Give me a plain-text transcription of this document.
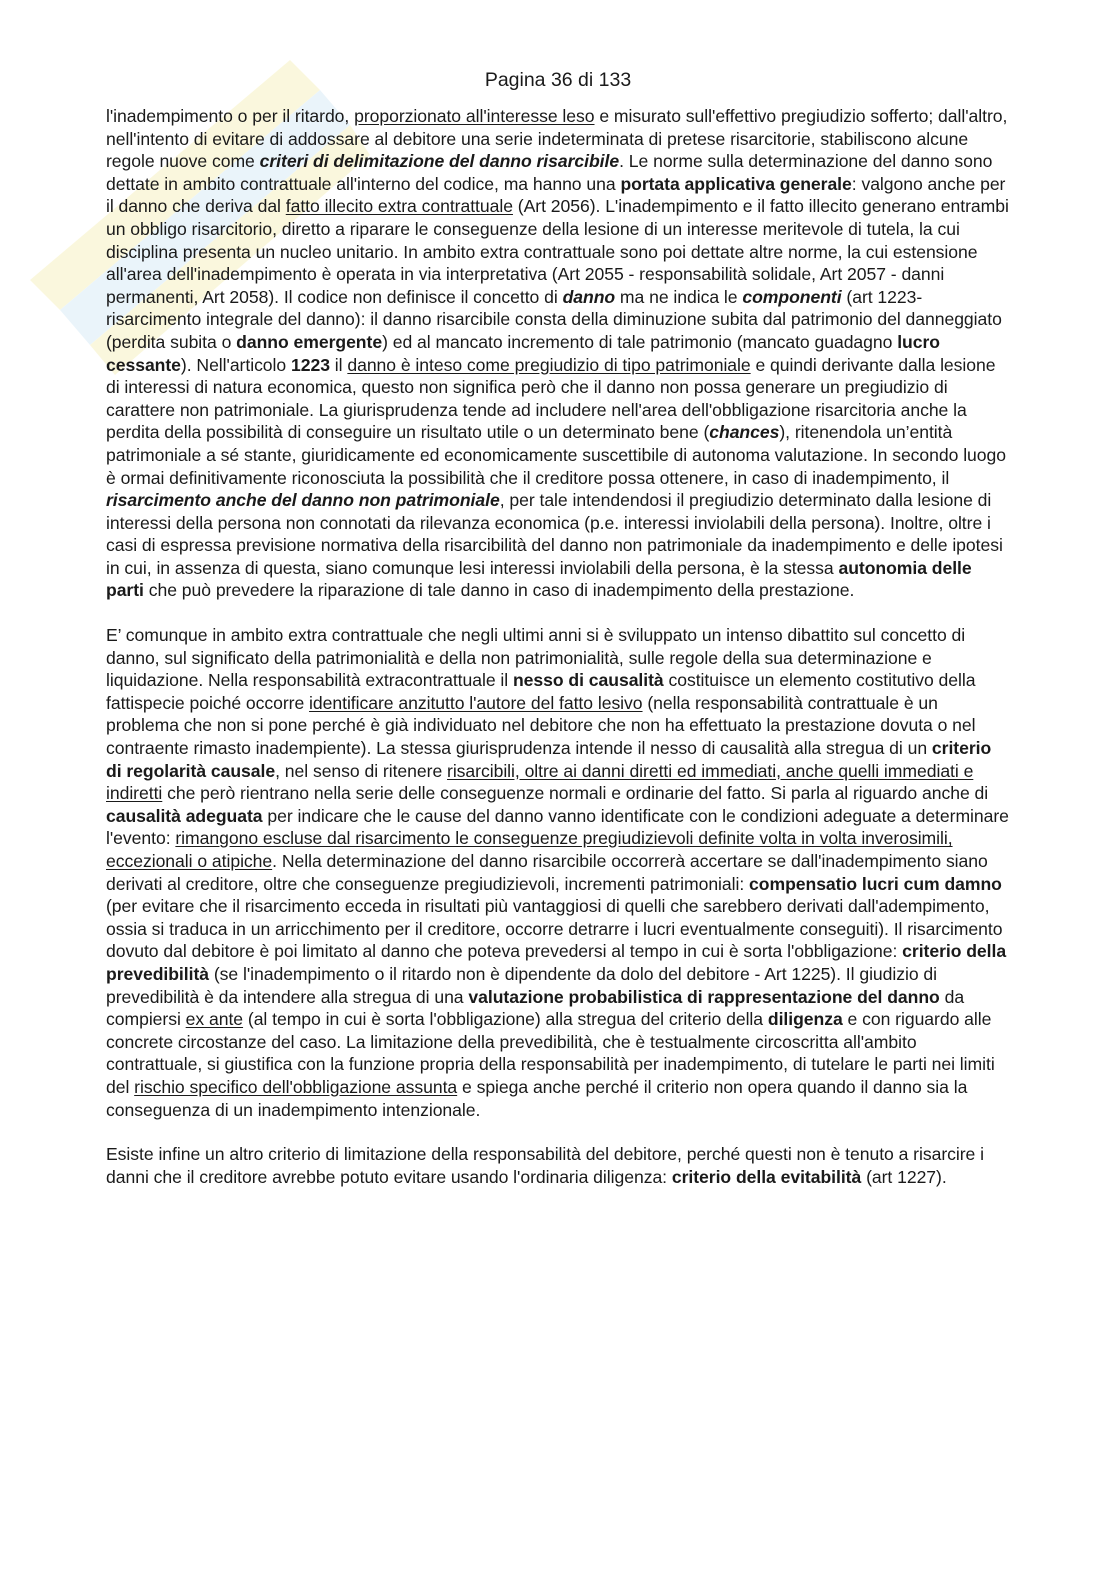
Pagina 36 di 133

l'inadempimento o per il ritardo, proporzionato all'interesse leso e misurato sull'effettivo pregiudizio sofferto; dall'altro, nell'intento di evitare di addossare al debitore una serie indeterminata di pretese risarcitorie, stabiliscono alcune regole nuove come criteri di delimitazione del danno risarcibile. Le norme sulla determinazione del danno sono dettate in ambito contrattuale all'interno del codice, ma hanno una portata applicativa generale: valgono anche per il danno che deriva dal fatto illecito extra contrattuale (Art 2056). L'inadempimento e il fatto illecito generano entrambi un obbligo risarcitorio, diretto a riparare le conseguenze della lesione di un interesse meritevole di tutela, la cui disciplina presenta un nucleo unitario. In ambito extra contrattuale sono poi dettate altre norme, la cui estensione all'area dell'inadempimento è operata in via interpretativa (Art 2055 - responsabilità solidale, Art 2057 - danni permanenti, Art 2058). Il codice non definisce il concetto di danno ma ne indica le componenti (art 1223- risarcimento integrale del danno): il danno risarcibile consta della diminuzione subita dal patrimonio del danneggiato (perdita subita o danno emergente) ed al mancato incremento di tale patrimonio (mancato guadagno lucro cessante). Nell'articolo 1223 il danno è inteso come pregiudizio di tipo patrimoniale e quindi derivante dalla lesione di interessi di natura economica, questo non significa però che il danno non possa generare un pregiudizio di carattere non patrimoniale. La giurisprudenza tende ad includere nell'area dell'obbligazione risarcitoria anche la perdita della possibilità di conseguire un risultato utile o un determinato bene (chances), ritenendola un’entità patrimoniale a sé stante, giuridicamente ed economicamente suscettibile di autonoma valutazione. In secondo luogo è ormai definitivamente riconosciuta la possibilità che il creditore possa ottenere, in caso di inadempimento, il risarcimento anche del danno non patrimoniale, per tale intendendosi il pregiudizio determinato dalla lesione di interessi della persona non connotati da rilevanza economica (p.e. interessi inviolabili della persona). Inoltre, oltre i casi di espressa previsione normativa della risarcibilità del danno non patrimoniale da inadempimento e delle ipotesi in cui, in assenza di questa, siano comunque lesi interessi inviolabili della persona, è la stessa autonomia delle parti che può prevedere la riparazione di tale danno in caso di inadempimento della prestazione.

E’ comunque in ambito extra contrattuale che negli ultimi anni si è sviluppato un intenso dibattito sul concetto di danno, sul significato della patrimonialità e della non patrimonialità, sulle regole della sua determinazione e liquidazione. Nella responsabilità extracontrattuale il nesso di causalità costituisce un elemento costitutivo della fattispecie poiché occorre identificare anzitutto l'autore del fatto lesivo (nella responsabilità contrattuale è un problema che non si pone perché è già individuato nel debitore che non ha effettuato la prestazione dovuta o nel contraente rimasto inadempiente). La stessa giurisprudenza intende il nesso di causalità alla stregua di un criterio di regolarità causale, nel senso di ritenere risarcibili, oltre ai danni diretti ed immediati, anche quelli immediati e indiretti che però rientrano nella serie delle conseguenze normali e ordinarie del fatto. Si parla al riguardo anche di causalità adeguata per indicare che le cause del danno vanno identificate con le condizioni adeguate a determinare l'evento: rimangono escluse dal risarcimento le conseguenze pregiudizievoli definite volta in volta inverosimili, eccezionali o atipiche. Nella determinazione del danno risarcibile occorrerà accertare se dall'inadempimento siano derivati al creditore, oltre che conseguenze pregiudizievoli, incrementi patrimoniali: compensatio lucri cum damno (per evitare che il risarcimento ecceda in risultati più vantaggiosi di quelli che sarebbero derivati dall'adempimento, ossia si traduca in un arricchimento per il creditore, occorre detrarre i lucri eventualmente conseguiti). Il risarcimento dovuto dal debitore è poi limitato al danno che poteva prevedersi al tempo in cui è sorta l'obbligazione: criterio della prevedibilità (se l'inadempimento o il ritardo non è dipendente da dolo del debitore - Art 1225). Il giudizio di prevedibilità è da intendere alla stregua di una valutazione probabilistica di rappresentazione del danno da compiersi ex ante (al tempo in cui è sorta l'obbligazione) alla stregua del criterio della diligenza e con riguardo alle concrete circostanze del caso. La limitazione della prevedibilità, che è testualmente circoscritta all'ambito contrattuale, si giustifica con la funzione propria della responsabilità per inadempimento, di tutelare le parti nei limiti del rischio specifico dell'obbligazione assunta e spiega anche perché il criterio non opera quando il danno sia la conseguenza di un inadempimento intenzionale.

Esiste infine un altro criterio di limitazione della responsabilità del debitore, perché questi non è tenuto a risarcire i danni che il creditore avrebbe potuto evitare usando l'ordinaria diligenza: criterio della evitabilità (art 1227).
